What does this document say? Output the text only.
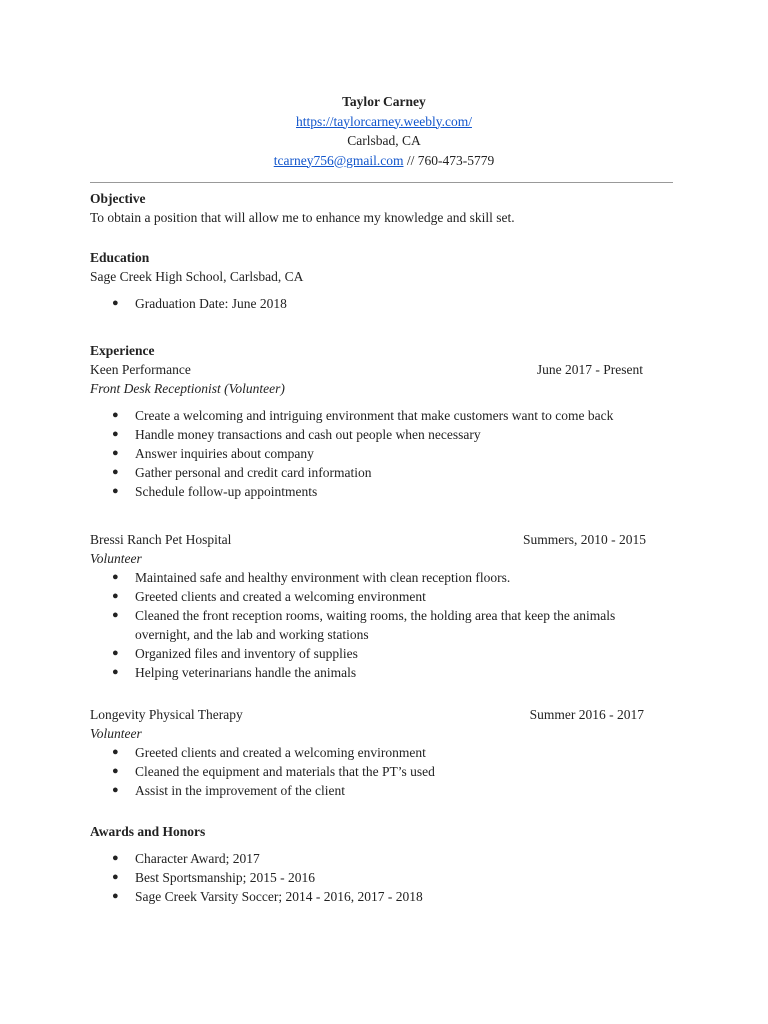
Taylor Carney
https://taylorcarney.weebly.com/
Carlsbad, CA
tcarney756@gmail.com // 760-473-5779
Objective
To obtain a position that will allow me to enhance my knowledge and skill set.
Education
Sage Creek High School, Carlsbad, CA
● Graduation Date: June 2018
Experience
Keen Performance	June 2017 - Present
Front Desk Receptionist (Volunteer)
● Create a welcoming and intriguing environment that make customers want to come back
● Handle money transactions and cash out people when necessary
● Answer inquiries about company
● Gather personal and credit card information
● Schedule follow-up appointments
Bressi Ranch Pet Hospital	Summers, 2010 - 2015
Volunteer
● Maintained safe and healthy environment with clean reception floors.
● Greeted clients and created a welcoming environment
● Cleaned the front reception rooms, waiting rooms, the holding area that keep the animals overnight, and the lab and working stations
● Organized files and inventory of supplies
● Helping veterinarians handle the animals
Longevity Physical Therapy	Summer 2016 - 2017
Volunteer
● Greeted clients and created a welcoming environment
● Cleaned the equipment and materials that the PT’s used
● Assist in the improvement of the client
Awards and Honors
● Character Award; 2017
● Best Sportsmanship; 2015 - 2016
● Sage Creek Varsity Soccer; 2014 - 2016, 2017 - 2018
